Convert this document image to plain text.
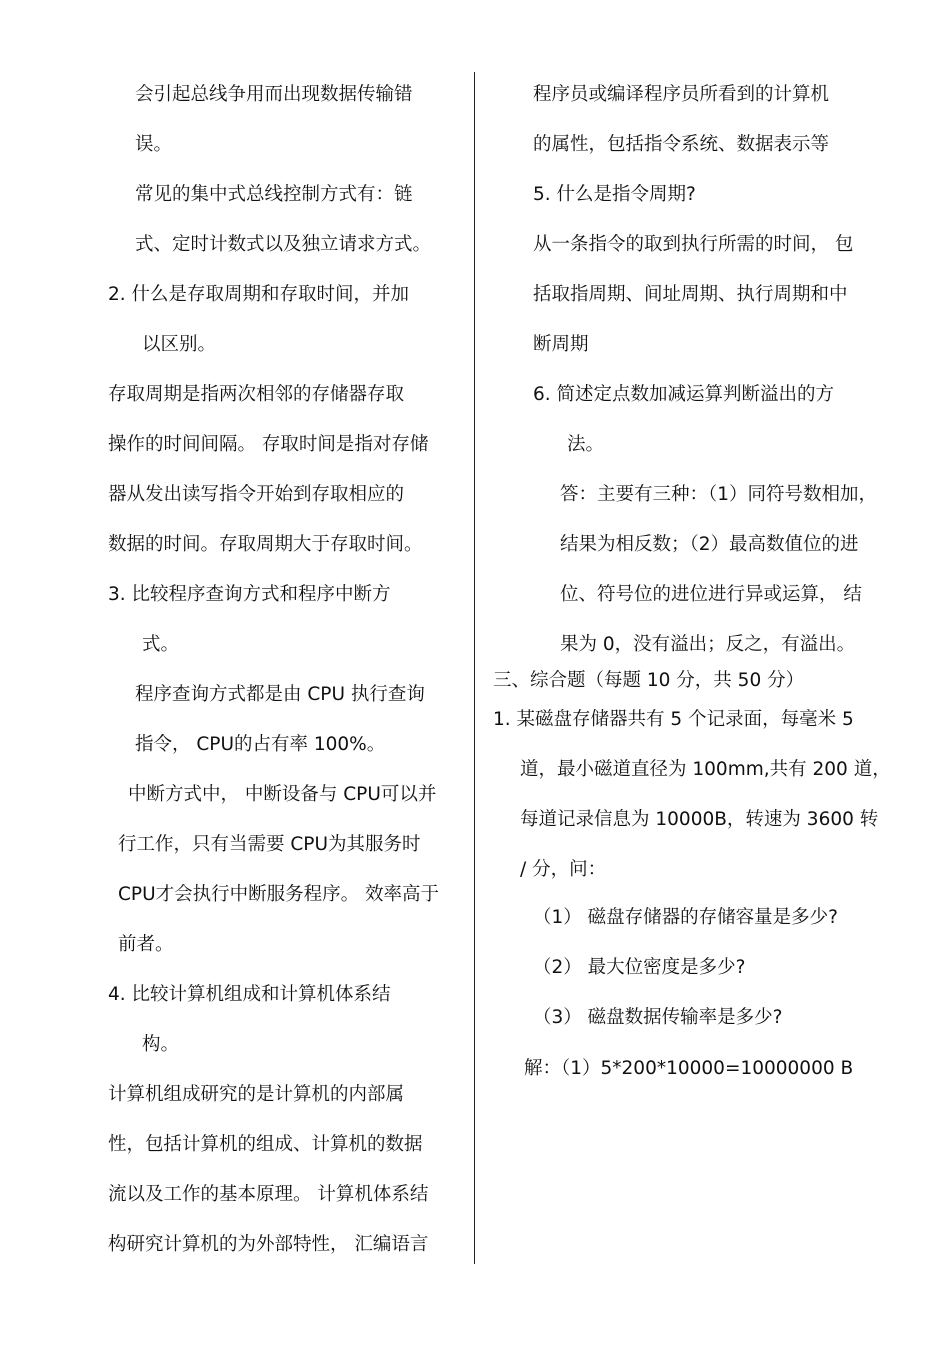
会引起总线争用而出现数据传输错
误。
常见的集中式总线控制方式有：链
式、定时计数式以及独立请求方式。
2. 什么是存取周期和存取时间，并加
以区别。
存取周期是指两次相邻的存储器存取
操作的时间间隔。 存取时间是指对存储
器从发出读写指令开始到存取相应的
数据的时间。存取周期大于存取时间。
3. 比较程序查询方式和程序中断方
式。
程序查询方式都是由 CPU 执行查询
指令， CPU的占有率 100%。
中断方式中， 中断设备与 CPU可以并
行工作，只有当需要 CPU为其服务时
CPU才会执行中断服务程序。 效率高于
前者。
4. 比较计算机组成和计算机体系结
构。
计算机组成研究的是计算机的内部属
性，包括计算机的组成、计算机的数据
流以及工作的基本原理。 计算机体系结
构研究计算机的为外部特性， 汇编语言
程序员或编译程序员所看到的计算机
的属性，包括指令系统、数据表示等
5. 什么是指令周期?
从一条指令的取到执行所需的时间， 包
括取指周期、间址周期、执行周期和中
断周期
6. 简述定点数加减运算判断溢出的方
法。
答：主要有三种：（1）同符号数相加，
结果为相反数；（2）最高数值位的进
位、符号位的进位进行异或运算， 结
果为 0，没有溢出；反之，有溢出。
三、综合题（每题 10 分，共 50 分）
1. 某磁盘存储器共有 5 个记录面，每毫米 5
道，最小磁道直径为 100mm,共有 200 道，
每道记录信息为 10000B，转速为 3600 转
/ 分，问：
（1） 磁盘存储器的存储容量是多少?
（2） 最大位密度是多少?
（3） 磁盘数据传输率是多少?
解：（1）5*200*10000=10000000 B
